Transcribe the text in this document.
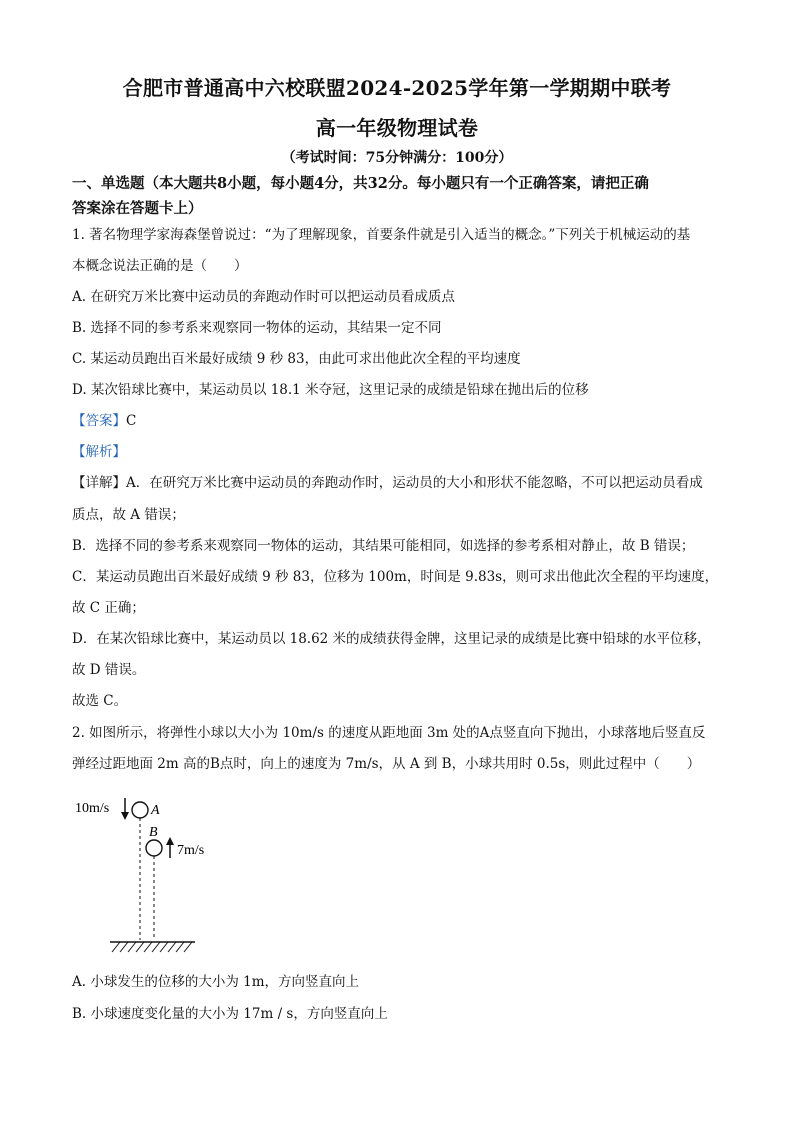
合肥市普通高中六校联盟2024-2025学年第一学期期中联考
高一年级物理试卷
（考试时间：75分钟满分：100分）
一、单选题（本大题共8小题，每小题4分，共32分。每小题只有一个正确答案，请把正确
答案涂在答题卡上）
1. 著名物理学家海森堡曾说过：“为了理解现象，首要条件就是引入适当的概念。”下列关于机械运动的基
本概念说法正确的是（　　）
A. 在研究万米比赛中运动员的奔跑动作时可以把运动员看成质点
B. 选择不同的参考系来观察同一物体的运动，其结果一定不同
C. 某运动员跑出百米最好成绩 9 秒 83，由此可求出他此次全程的平均速度
D. 某次铅球比赛中，某运动员以 18.1 米夺冠，这里记录的成绩是铅球在抛出后的位移
【答案】C
【解析】
【详解】A．在研究万米比赛中运动员的奔跑动作时，运动员的大小和形状不能忽略，不可以把运动员看成
质点，故 A 错误；
B．选择不同的参考系来观察同一物体的运动，其结果可能相同，如选择的参考系相对静止，故 B 错误；
C．某运动员跑出百米最好成绩 9 秒 83，位移为 100m，时间是 9.83s，则可求出他此次全程的平均速度，
故 C 正确；
D．在某次铅球比赛中，某运动员以 18.62 米的成绩获得金牌，这里记录的成绩是比赛中铅球的水平位移，
故 D 错误。
故选 C。
2. 如图所示，将弹性小球以大小为 10m/s 的速度从距地面 3m 处的A点竖直向下抛出，小球落地后竖直反
弹经过距地面 2m 高的B点时，向上的速度为 7m/s，从 A 到 B，小球共用时 0.5s，则此过程中（　　）
10m/s	A
B
7m/s
A. 小球发生的位移的大小为 1m，方向竖直向上
B. 小球速度变化量的大小为 17m / s，方向竖直向上
